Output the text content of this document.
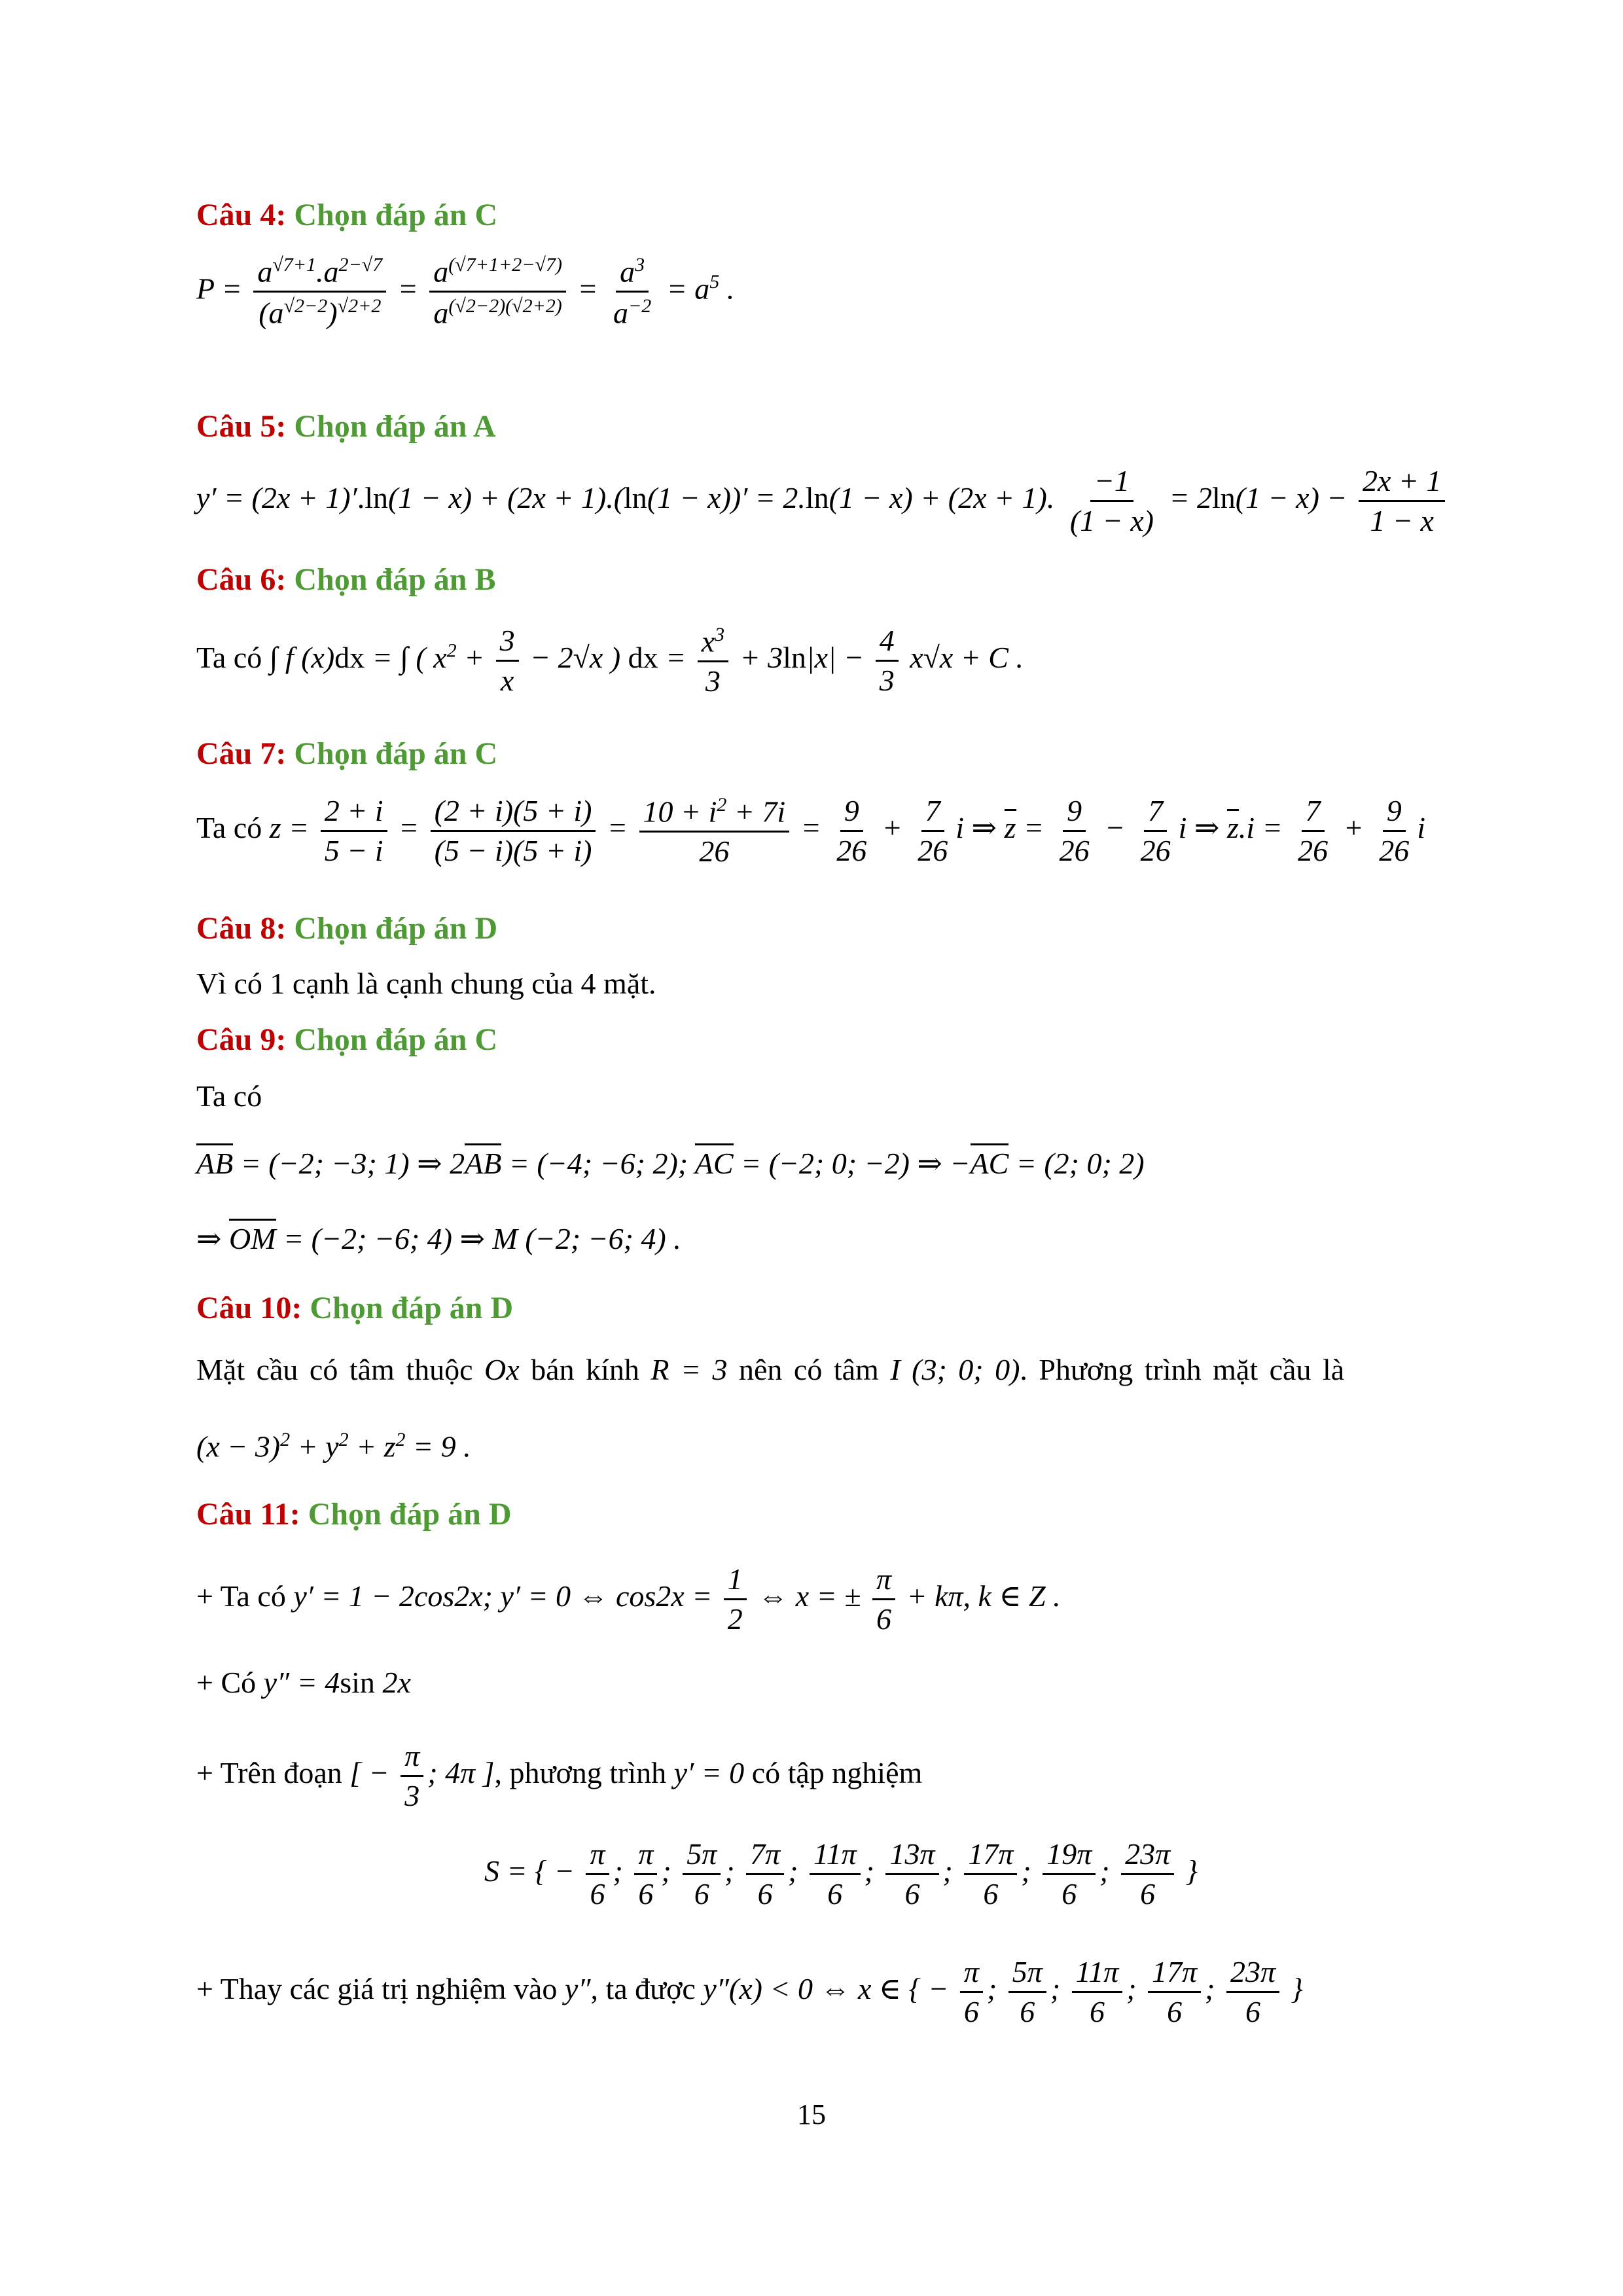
Câu 4: Chọn đáp án C
$P = \frac{a^{√7+1}.a^{2-√7}}{(a^{√2-2})^{√2+2}} = \frac{a^{(√7+1+2-√7)}}{a^{(√2-2)(√2+2)}} = \frac{a^3}{a^{-2}} = a^5$ .
Câu 5: Chọn đáp án A
y′ = (2x + 1)′.ln(1 − x) + (2x + 1).(ln(1 − x))′ = 2.ln(1 − x) + (2x + 1). $\frac{-1}{(1 - x)} = 2\ln(1 - x) - \frac{2x + 1}{1 - x}$
Câu 6: Chọn đáp án B
Ta có ∫ f (x)dx = ∫ ( $x^2 + \frac{3}{x} - 2√x$ ) dx = $\frac{x^3}{3} + 3\ln|x| - \frac{4}{3} x√x + C$ .
Câu 7: Chọn đáp án C
Ta có $z = \frac{2 + i}{5 - i} = \frac{(2 + i)(5 + i)}{(5 - i)(5 + i)} = \frac{10 + i^2 + 7i}{26} = \frac{9}{26} + \frac{7}{26}$ i ⇒ $z = \frac{9}{26} - \frac{7}{26}$ i ⇒ $z.i = \frac{7}{26} + \frac{9}{26}$ i
Câu 8: Chọn đáp án D
Vì có 1 cạnh là cạnh chung của 4 mặt.
Câu 9: Chọn đáp án C
Ta có
AB = (−2; −3; 1) ⇒ 2AB = (−4; −6; 2); AC = (−2; 0; −2) ⇒ −AC = (2; 0; 2)
⇒ OM = (−2; −6; 4) ⇒ M (−2; −6; 4) .
Câu 10: Chọn đáp án D
Mặt cầu có tâm thuộc Ox bán kính R = 3 nên có tâm I (3; 0; 0). Phương trình mặt cầu là
$(x - 3)^2 + y^2 + z^2 = 9$ .
Câu 11: Chọn đáp án D
+ Ta có y′ = 1 − 2cos2x; y′ = 0 ⇔ $\cos 2x = \frac{1}{2}$ ⇔ x = ± $\frac{\pi}{6} + k\pi$, k ∈ Z .
+ Có y″ = 4sin 2x
+ Trên đoạn [ − $\frac{\pi}{3}$ ; 4π ], phương trình y′ = 0 có tập nghiệm
S = { − $\frac{\pi}{6}$ ; $\frac{\pi}{6}$ ; $\frac{5\pi}{6}$ ; $\frac{7\pi}{6}$ ; $\frac{11\pi}{6}$ ; $\frac{13\pi}{6}$ ; $\frac{17\pi}{6}$ ; $\frac{19\pi}{6}$ ; $\frac{23\pi}{6}$ }
+ Thay các giá trị nghiệm vào y″, ta được y″(x) < 0 ⇔ x ∈ { − $\frac{\pi}{6}$ ; $\frac{5\pi}{6}$ ; $\frac{11\pi}{6}$ ; $\frac{17\pi}{6}$ ; $\frac{23\pi}{6}$ }
15
